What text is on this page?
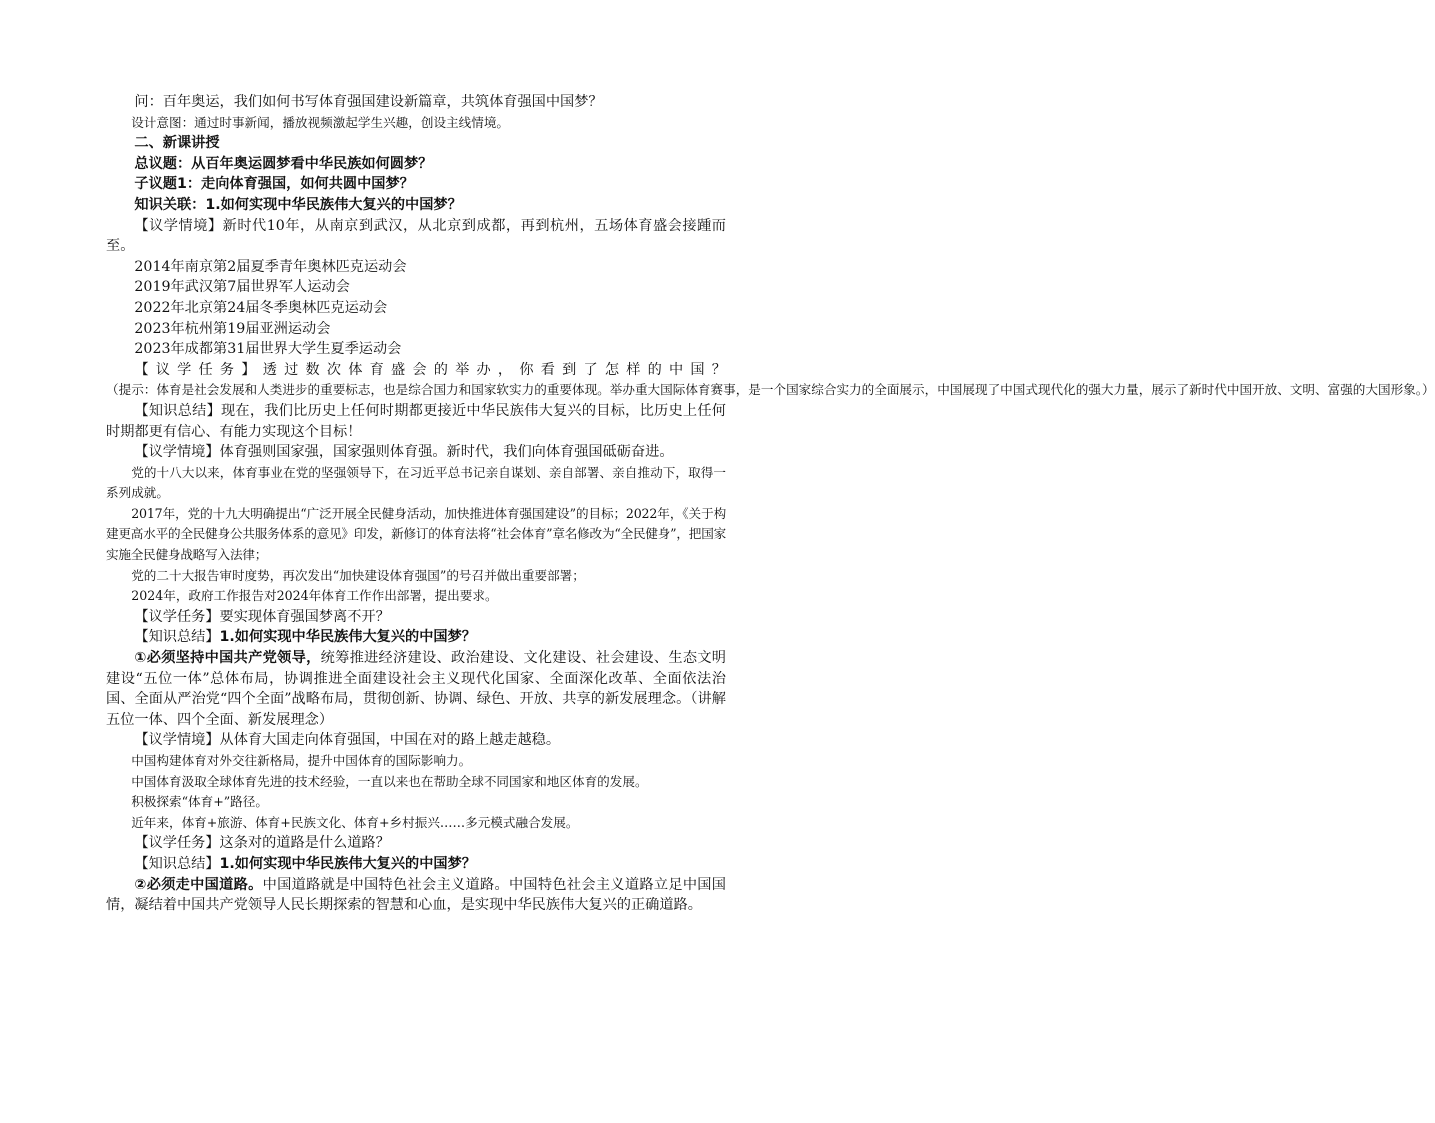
问：百年奥运，我们如何书写体育强国建设新篇章，共筑体育强国中国梦？

设计意图：通过时事新闻，播放视频激起学生兴趣，创设主线情境。

二、新课讲授

总议题：从百年奥运圆梦看中华民族如何圆梦？

子议题1：走向体育强国，如何共圆中国梦？

知识关联：1.如何实现中华民族伟大复兴的中国梦？

【议学情境】新时代10年，从南京到武汉，从北京到成都，再到杭州，五场体育盛会接踵而至。

2014年南京第2届夏季青年奥林匹克运动会

2019年武汉第7届世界军人运动会

2022年北京第24届冬季奥林匹克运动会

2023年杭州第19届亚洲运动会

2023年成都第31届世界大学生夏季运动会

【议学任务】透过数次体育盛会的举办，你看到了怎样的中国？（提示：体育是社会发展和人类进步的重要标志，也是综合国力和国家软实力的重要体现。举办重大国际体育赛事，是一个国家综合实力的全面展示，中国展现了中国式现代化的强大力量，展示了新时代中国开放、文明、富强的大国形象。）

【知识总结】现在，我们比历史上任何时期都更接近中华民族伟大复兴的目标，比历史上任何时期都更有信心、有能力实现这个目标！

【议学情境】体育强则国家强，国家强则体育强。新时代，我们向体育强国砥砺奋进。

党的十八大以来，体育事业在党的坚强领导下，在习近平总书记亲自谋划、亲自部署、亲自推动下，取得一系列成就。

2017年，党的十九大明确提出“广泛开展全民健身活动，加快推进体育强国建设”的目标；2022年，《关于构建更高水平的全民健身公共服务体系的意见》印发，新修订的体育法将“社会体育”章名修改为“全民健身”，把国家实施全民健身战略写入法律；

党的二十大报告审时度势，再次发出“加快建设体育强国”的号召并做出重要部署；

2024年，政府工作报告对2024年体育工作作出部署，提出要求。

【议学任务】要实现体育强国梦离不开？

【知识总结】1.如何实现中华民族伟大复兴的中国梦？

①必须坚持中国共产党领导，统筹推进经济建设、政治建设、文化建设、社会建设、生态文明建设“五位一体”总体布局，协调推进全面建设社会主义现代化国家、全面深化改革、全面依法治国、全面从严治党“四个全面”战略布局，贯彻创新、协调、绿色、开放、共享的新发展理念。（讲解五位一体、四个全面、新发展理念）

【议学情境】从体育大国走向体育强国，中国在对的路上越走越稳。

中国构建体育对外交往新格局，提升中国体育的国际影响力。

中国体育汲取全球体育先进的技术经验，一直以来也在帮助全球不同国家和地区体育的发展。

积极探索“体育+”路径。

近年来，体育+旅游、体育+民族文化、体育+乡村振兴……多元模式融合发展。

【议学任务】这条对的道路是什么道路？

【知识总结】1.如何实现中华民族伟大复兴的中国梦？

②必须走中国道路。中国道路就是中国特色社会主义道路。中国特色社会主义道路立足中国国情，凝结着中国共产党领导人民长期探索的智慧和心血，是实现中华民族伟大复兴的正确道路。
